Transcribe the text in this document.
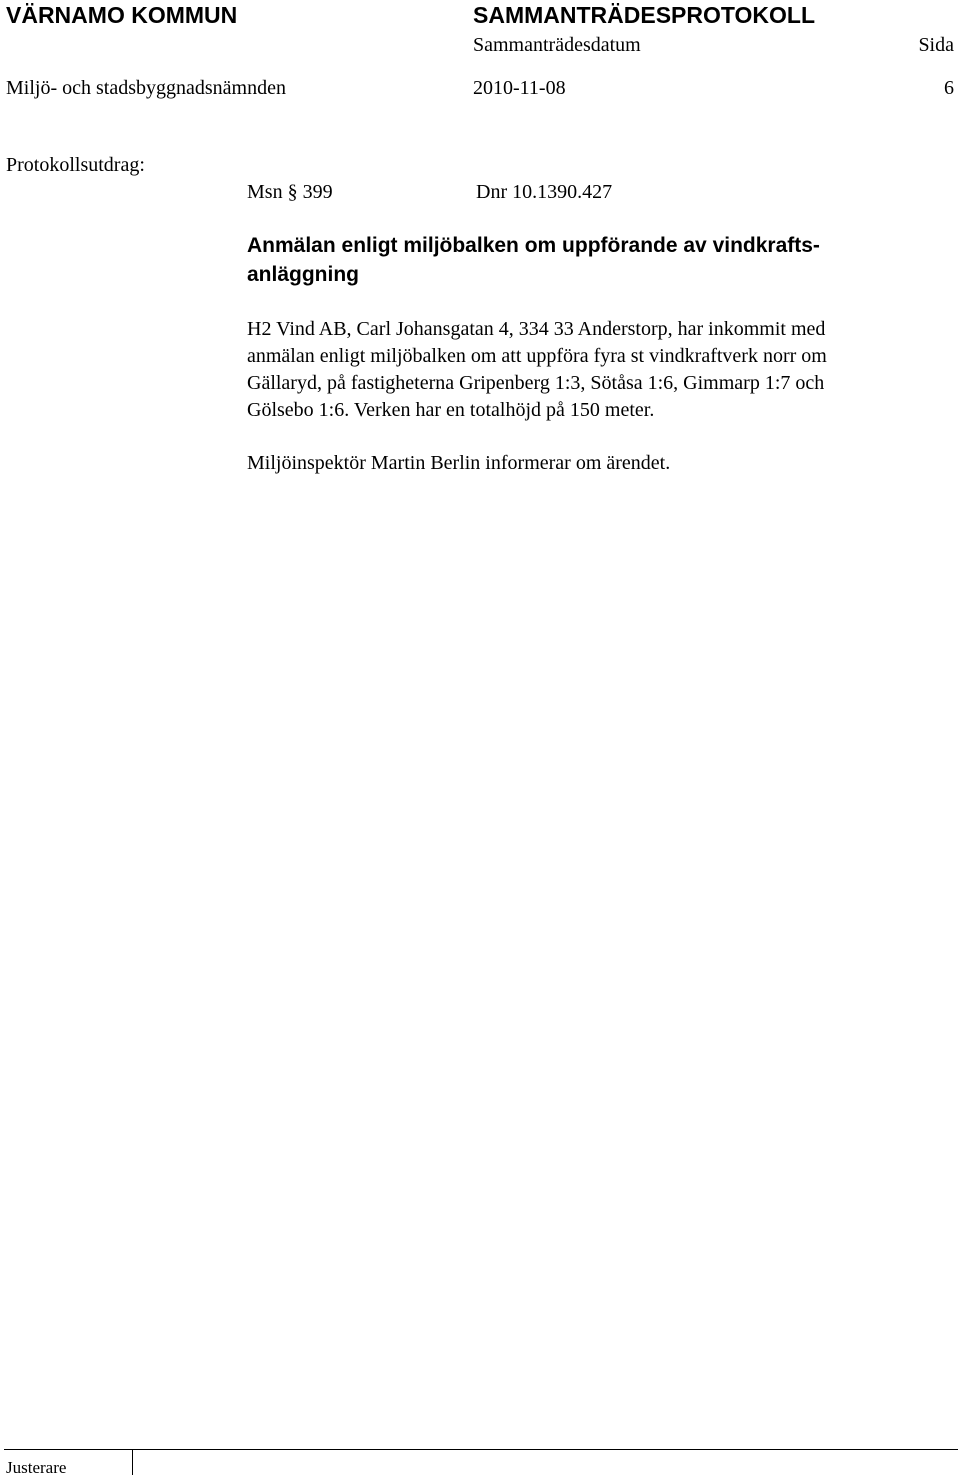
VÄRNAMO KOMMUN	SAMMANTRÄDESPROTOKOLL
Sammanträdesdatum	Sida
Miljö- och stadsbyggnadsnämnden	2010-11-08	6
Protokollsutdrag:
Msn § 399	Dnr 10.1390.427
Anmälan enligt miljöbalken om uppförande av vindkrafts-
anläggning
H2 Vind AB, Carl Johansgatan 4, 334 33 Anderstorp, har inkommit med
anmälan enligt miljöbalken om att uppföra fyra st vindkraftverk norr om
Gällaryd, på fastigheterna Gripenberg 1:3, Sötåsa 1:6, Gimmarp 1:7 och
Gölsebo 1:6. Verken har en totalhöjd på 150 meter.
Miljöinspektör Martin Berlin informerar om ärendet.
Justerare
